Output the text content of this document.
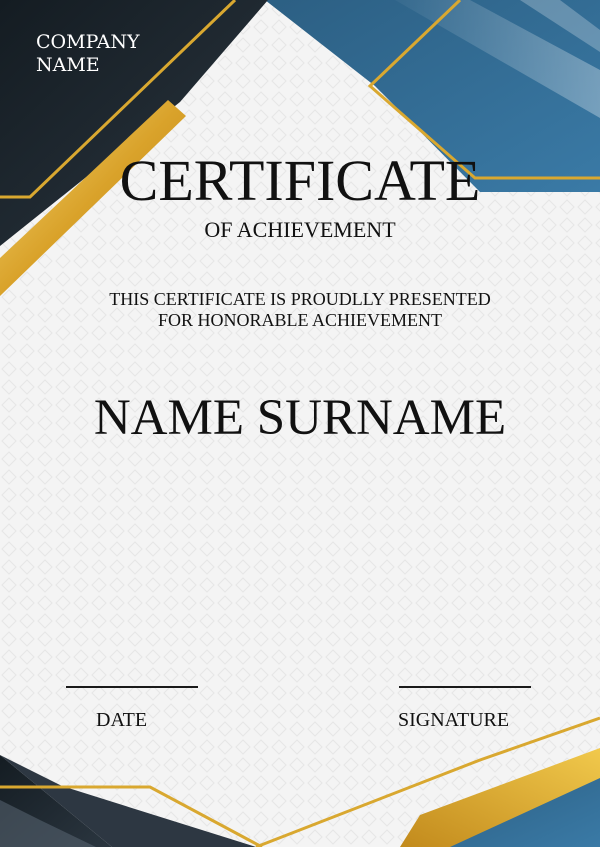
COMPANY
NAME
CERTIFICATE
OF ACHIEVEMENT
THIS CERTIFICATE IS PROUDLLY PRESENTED
FOR HONORABLE ACHIEVEMENT
NAME SURNAME
DATE	SIGNATURE
